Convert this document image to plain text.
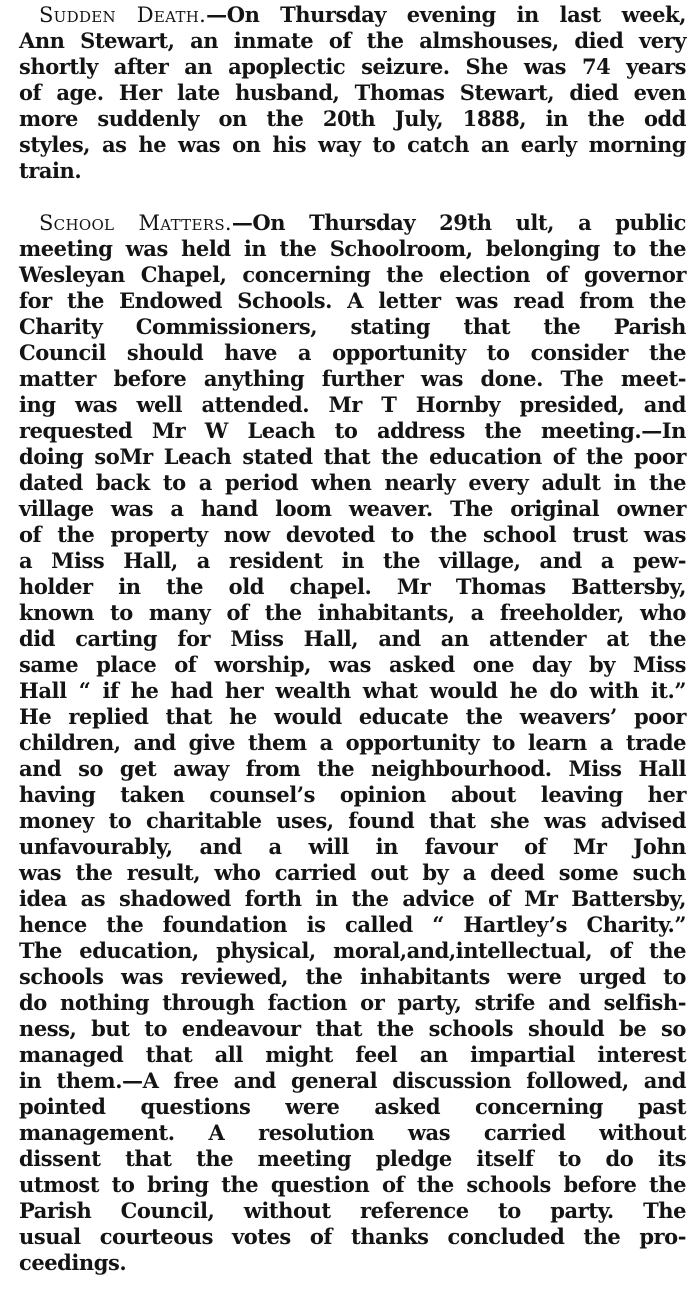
Sudden Death.—On Thursday evening in last week,
Ann Stewart, an inmate of the almshouses, died very
shortly after an apoplectic seizure. She was 74 years
of age. Her late husband, Thomas Stewart, died even
more suddenly on the 20th July, 1888, in the odd
styles, as he was on his way to catch an early morning
train.
School Matters.—On Thursday 29th ult, a public
meeting was held in the Schoolroom, belonging to the
Wesleyan Chapel, concerning the election of governor
for the Endowed Schools. A letter was read from the
Charity Commissioners, stating that the Parish
Council should have a opportunity to consider the
matter before anything further was done. The meet-
ing was well attended. Mr T Hornby presided, and
requested Mr W Leach to address the meeting.—In
doing soMr Leach stated that the education of the poor
dated back to a period when nearly every adult in the
village was a hand loom weaver. The original owner
of the property now devoted to the school trust was
a Miss Hall, a resident in the village, and a pew-
holder in the old chapel. Mr Thomas Battersby,
known to many of the inhabitants, a freeholder, who
did carting for Miss Hall, and an attender at the
same place of worship, was asked one day by Miss
Hall “ if he had her wealth what would he do with it.”
He replied that he would educate the weavers’ poor
children, and give them a opportunity to learn a trade
and so get away from the neighbourhood. Miss Hall
having taken counsel’s opinion about leaving her
money to charitable uses, found that she was advised
unfavourably, and a will in favour of Mr John
was the result, who carried out by a deed some such
idea as shadowed forth in the advice of Mr Battersby,
hence the foundation is called “ Hartley’s Charity.”
The education, physical, moral,and,intellectual, of the
schools was reviewed, the inhabitants were urged to
do nothing through faction or party, strife and selfish-
ness, but to endeavour that the schools should be so
managed that all might feel an impartial interest
in them.—A free and general discussion followed, and
pointed questions were asked concerning past
management. A resolution was carried without
dissent that the meeting pledge itself to do its
utmost to bring the question of the schools before the
Parish Council, without reference to party. The
usual courteous votes of thanks concluded the pro-
ceedings.
